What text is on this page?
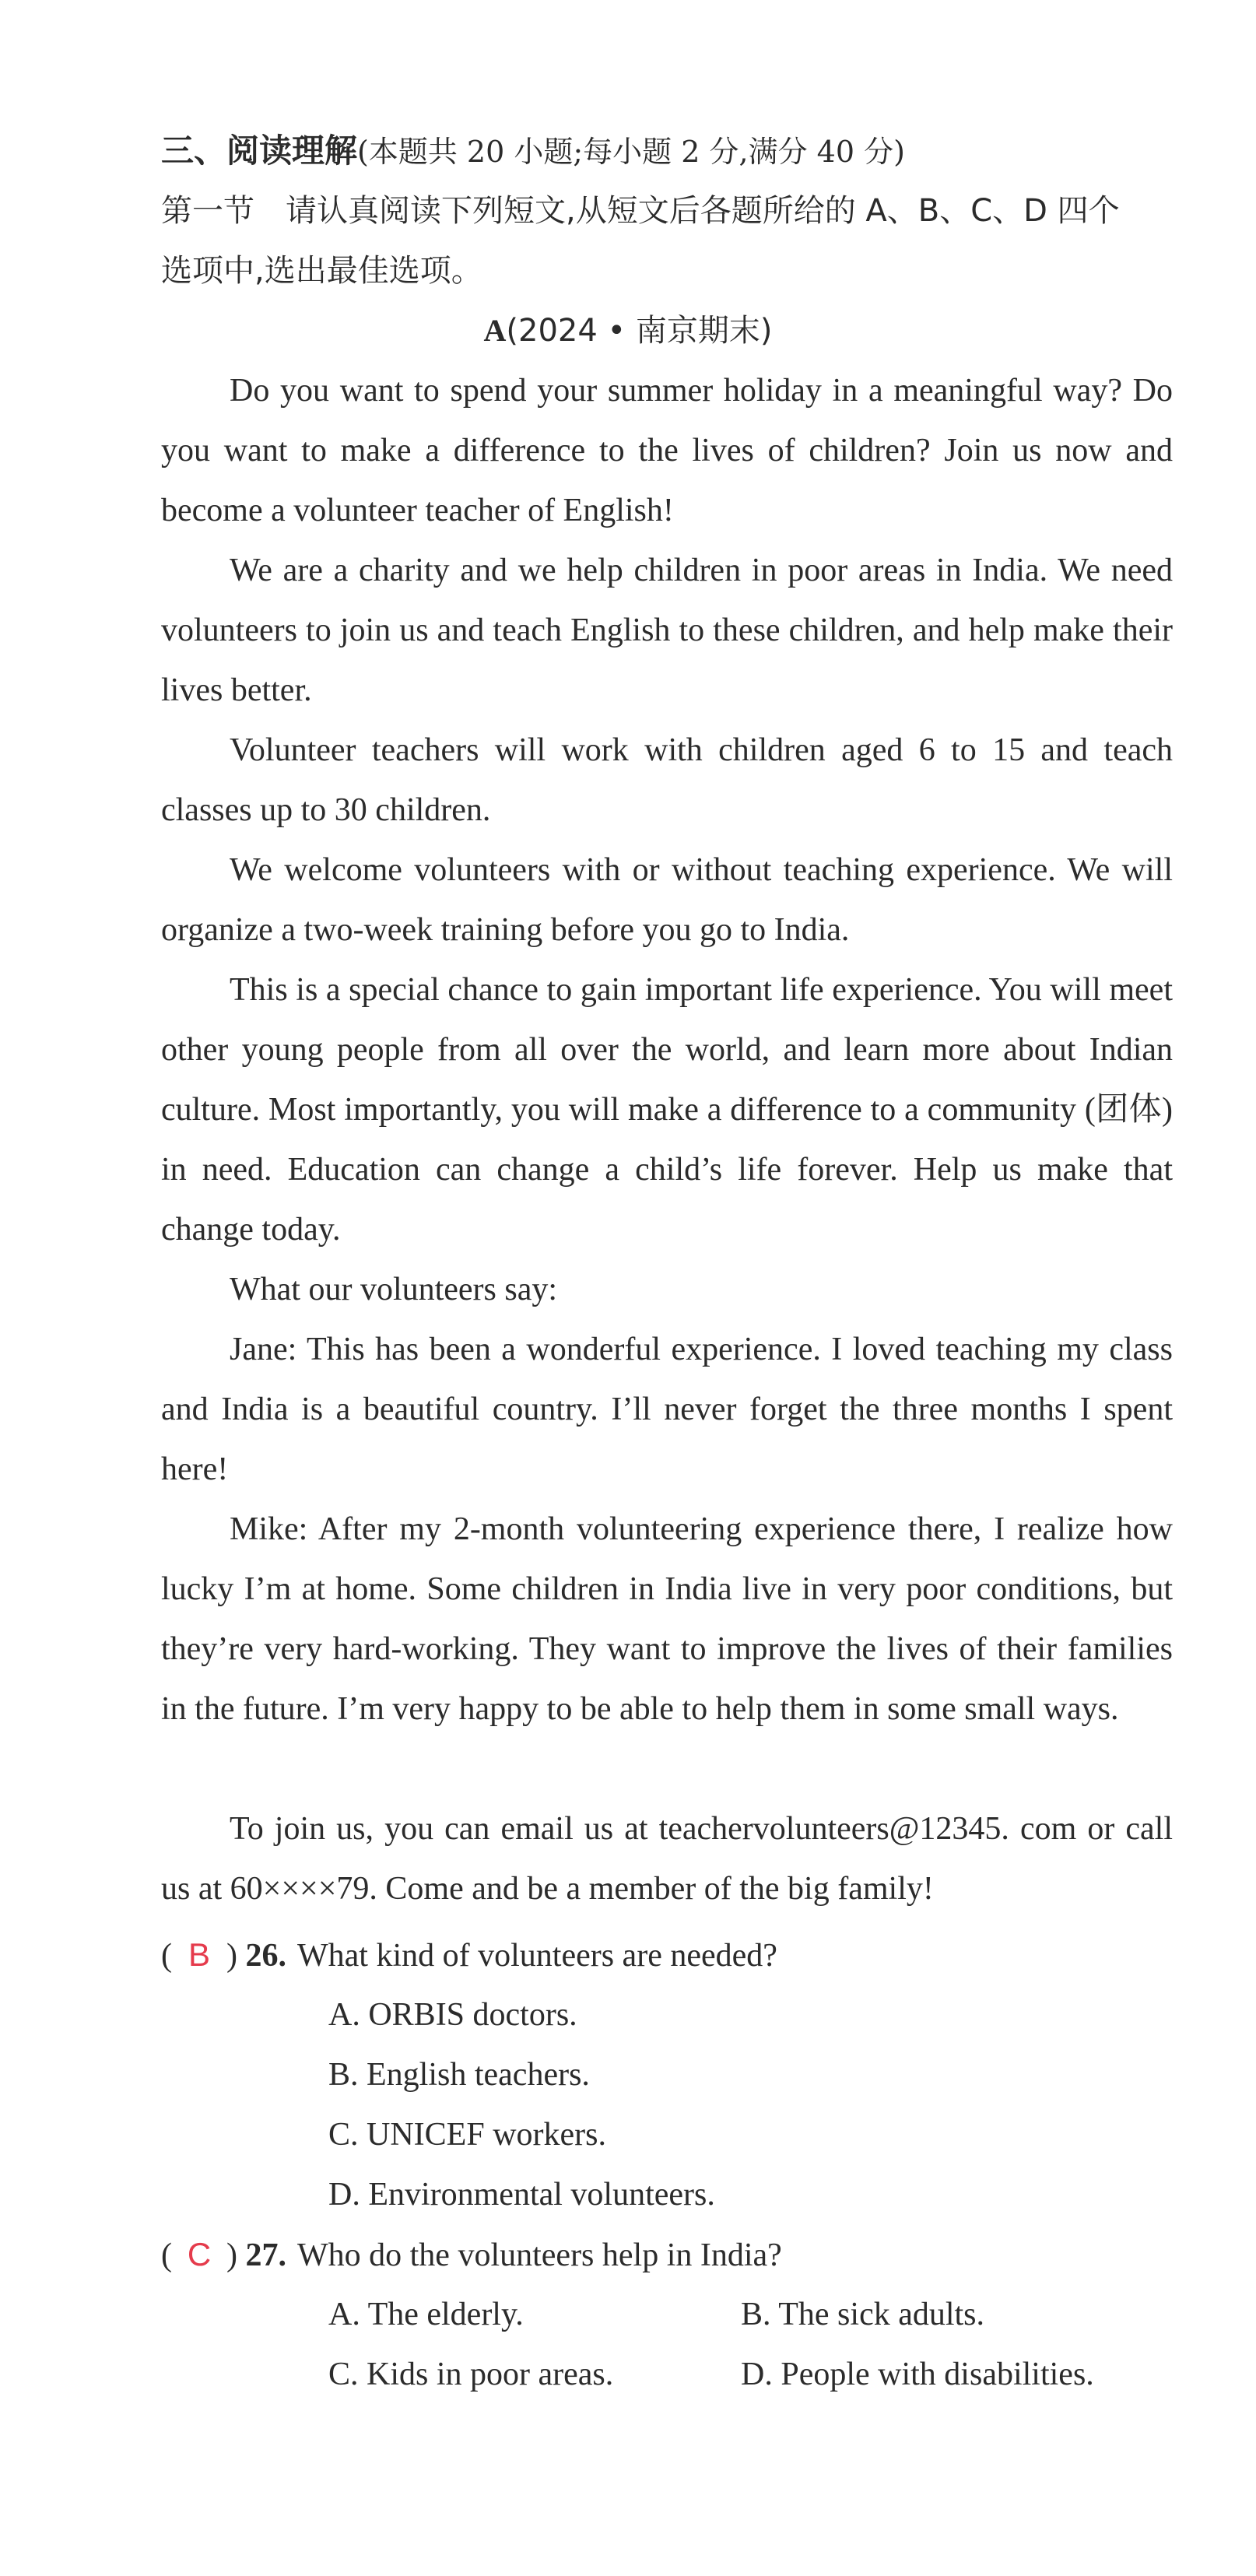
三、阅读理解(本题共 20 小题;每小题 2 分,满分 40 分)
第一节　请认真阅读下列短文,从短文后各题所给的 A、B、C、D 四个
选项中,选出最佳选项。
A(2024 • 南京期末)
Do you want to spend your summer holiday in a meaningful way? Do you want to make a difference to the lives of children? Join us now and become a volunteer teacher of English!
We are a charity and we help children in poor areas in India. We need volunteers to join us and teach English to these children, and help make their lives better.
Volunteer teachers will work with children aged 6 to 15 and teach classes up to 30 children.
We welcome volunteers with or without teaching experience. We will organize a two-week training before you go to India.
This is a special chance to gain important life experience. You will meet other young people from all over the world, and learn more about Indian culture. Most importantly, you will make a difference to a community (团体) in need. Education can change a child’s life forever. Help us make that change today.
What our volunteers say:
Jane: This has been a wonderful experience. I loved teaching my class and India is a beautiful country. I’ll never forget the three months I spent here!
Mike: After my 2-month volunteering experience there, I realize how lucky I’m at home. Some children in India live in very poor conditions, but they’re very hard-working. They want to improve the lives of their families in the future. I’m very happy to be able to help them in some small ways.
To join us, you can email us at teachervolunteers@12345. com or call us at 60××××79. Come and be a member of the big family!
( B ) 26. What kind of volunteers are needed?
A. ORBIS doctors.
B. English teachers.
C. UNICEF workers.
D. Environmental volunteers.
( C ) 27. Who do the volunteers help in India?
A. The elderly.	B. The sick adults.
C. Kids in poor areas.	D. People with disabilities.
